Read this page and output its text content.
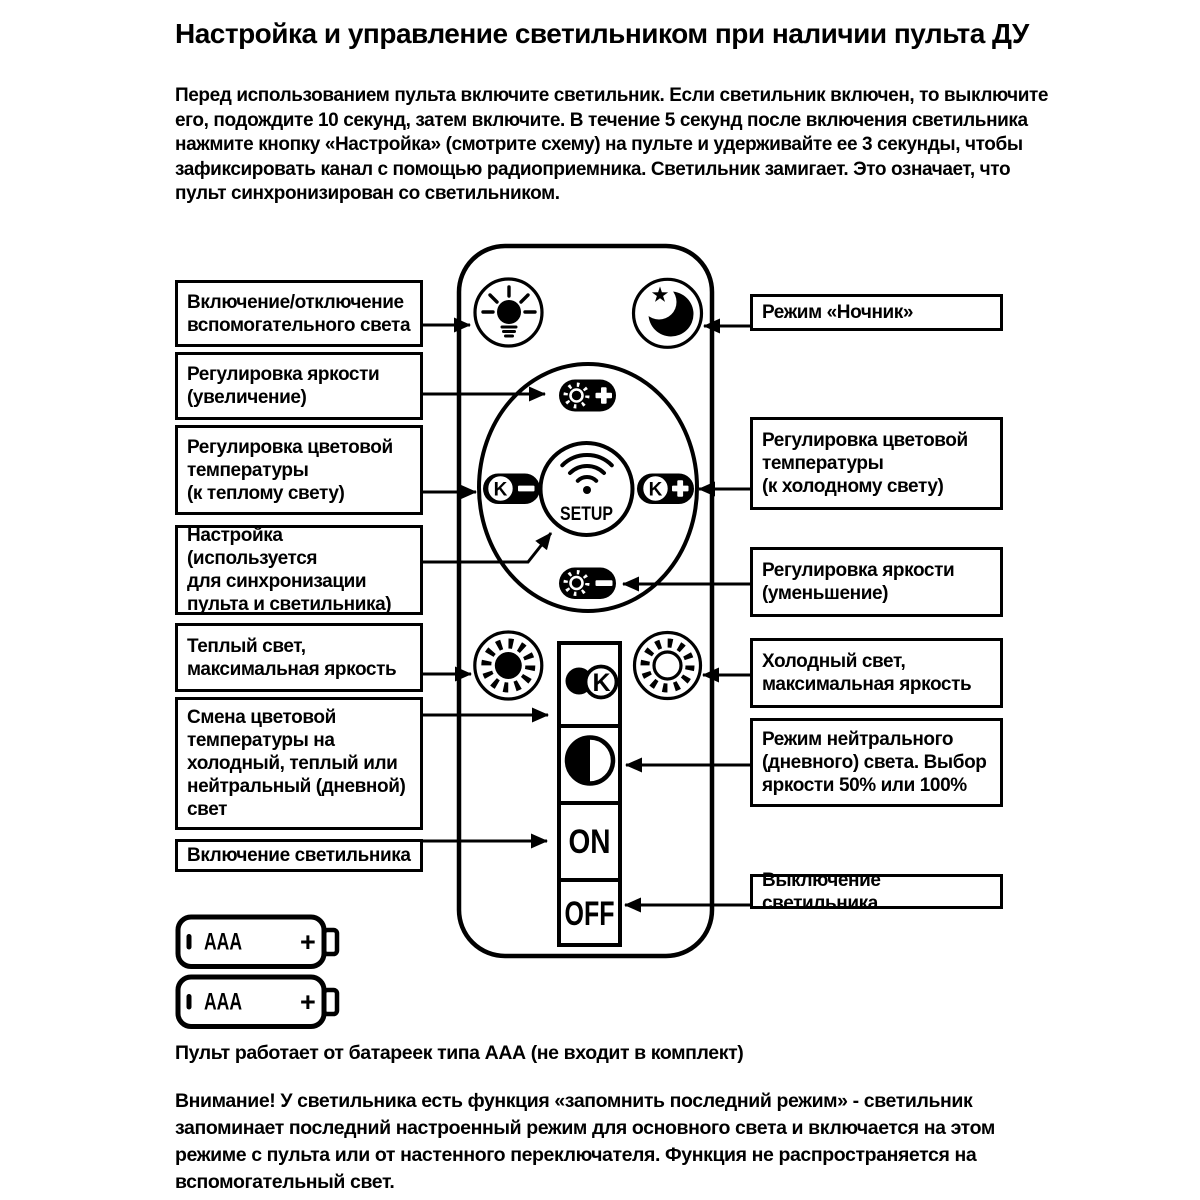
K
SETUP
K
K
ON
OFF
AAA +
AAA +
Настройка и управление светильником при наличии пульта ДУ

Перед использованием пульта включите светильник. Если светильник включен, то выключите
его, подождите 10 секунд, затем включите. В течение 5 секунд после включения светильника
нажмите кнопку «Настройка» (смотрите схему) на пульте и удерживайте ее 3 секунды, чтобы
зафиксировать канал с помощью радиоприемника. Светильник замигает. Это означает, что
пульт синхронизирован со светильником.

Включение/отключение
вспомогательного света
Регулировка яркости
(увеличение)
Регулировка цветовой
температуры
(к теплому свету)
Настройка (используется
для синхронизации
пульта и светильника)
Теплый свет,
максимальная яркость
Смена цветовой
температуры на
холодный, теплый или
нейтральный (дневной)
свет
Включение светильника
Режим «Ночник»
Регулировка цветовой
температуры
(к холодному свету)
Регулировка яркости
(уменьшение)
Холодный свет,
максимальная яркость
Режим нейтрального
(дневного) света. Выбор
яркости 50% или 100%
Выключение светильника

Пульт работает от батареек типа ААА (не входит в комплект)

Внимание! У светильника есть функция «запомнить последний режим» - светильник
запоминает последний настроенный режим для основного света и включается на этом
режиме с пульта или от настенного переключателя. Функция не распространяется на
вспомогательный свет.
